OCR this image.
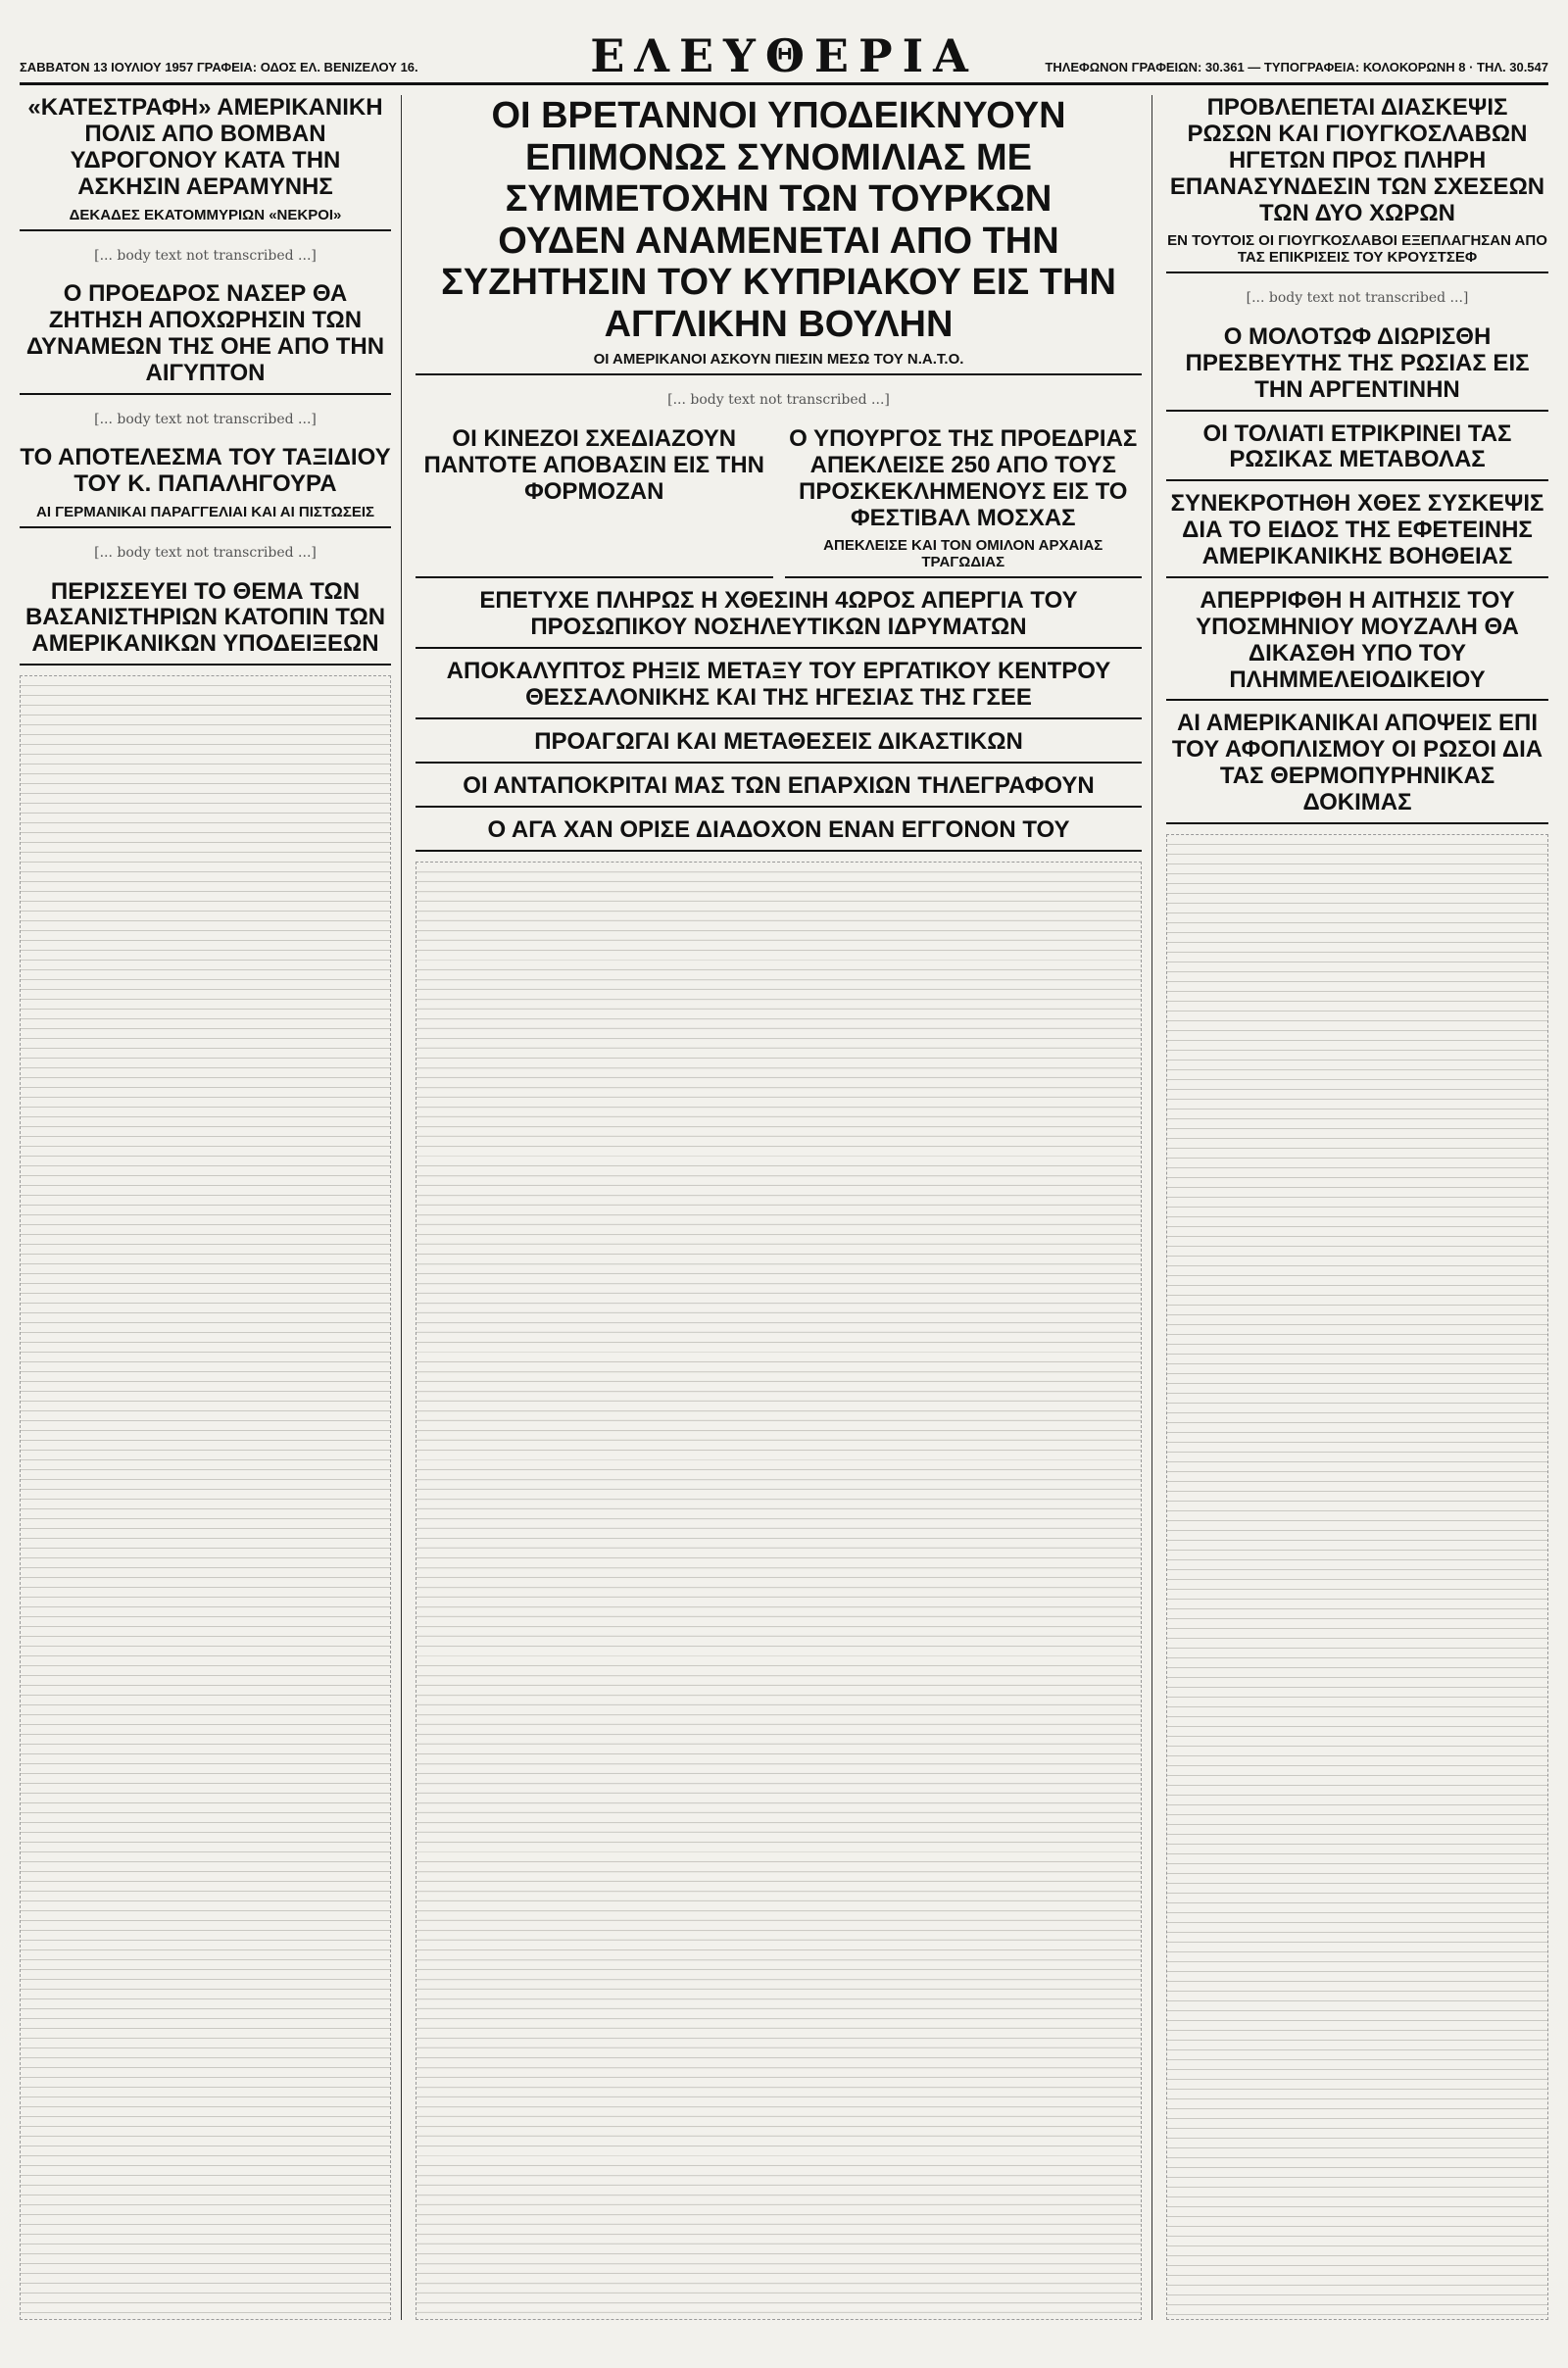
ΣΑΒΒΑΤΟΝ 13 ΙΟΥΛΙΟΥ 1957 ΓΡΑΦΕΙΑ: ΟΔΟΣ ΕΛ. ΒΕΝΙΖΕΛΟΥ 16.	ΕΛΕΥΘΕΡΙΑ	ΤΗΛΕΦΩΝΟΝ ΓΡΑΦΕΙΩΝ: 30.361 — ΤΥΠΟΓΡΑΦΕΙΑ: ΚΟΛΟΚΟΡΩΝΗ 8 · ΤΗΛ. 30.547
«ΚΑΤΕΣΤΡΑΦΗ» ΑΜΕΡΙΚΑΝΙΚΗ ΠΟΛΙΣ ΑΠΟ ΒΟΜΒΑΝ ΥΔΡΟΓΟΝΟΥ ΚΑΤΑ ΤΗΝ ΑΣΚΗΣΙΝ ΑΕΡΑΜΥΝΗΣ
ΔΕΚΑΔΕΣ ΕΚΑΤΟΜΜΥΡΙΩΝ «ΝΕΚΡΟΙ»
[... body text not transcribed ...]
Ο ΠΡΟΕΔΡΟΣ ΝΑΣΕΡ ΘΑ ΖΗΤΗΣΗ ΑΠΟΧΩΡΗΣΙΝ ΤΩΝ ΔΥΝΑΜΕΩΝ ΤΗΣ ΟΗΕ ΑΠΟ ΤΗΝ ΑΙΓΥΠΤΟΝ
[... body text not transcribed ...]
ΤΟ ΑΠΟΤΕΛΕΣΜΑ ΤΟΥ ΤΑΞΙΔΙΟΥ ΤΟΥ Κ. ΠΑΠΑΛΗΓΟΥΡΑ
ΑΙ ΓΕΡΜΑΝΙΚΑΙ ΠΑΡΑΓΓΕΛΙΑΙ ΚΑΙ ΑΙ ΠΙΣΤΩΣΕΙΣ
[... body text not transcribed ...]
ΠΕΡΙΣΣΕΥΕΙ ΤΟ ΘΕΜΑ ΤΩΝ ΒΑΣΑΝΙΣΤΗΡΙΩΝ ΚΑΤΟΠΙΝ ΤΩΝ ΑΜΕΡΙΚΑΝΙΚΩΝ ΥΠΟΔΕΙΞΕΩΝ
ΟΙ ΒΡΕΤΑΝΝΟΙ ΥΠΟΔΕΙΚΝΥΟΥΝ ΕΠΙΜΟΝΩΣ ΣΥΝΟΜΙΛΙΑΣ ΜΕ ΣΥΜΜΕΤΟΧΗΝ ΤΩΝ ΤΟΥΡΚΩΝ
ΟΥΔΕΝ ΑΝΑΜΕΝΕΤΑΙ ΑΠΟ ΤΗΝ ΣΥΖΗΤΗΣΙΝ ΤΟΥ ΚΥΠΡΙΑΚΟΥ ΕΙΣ ΤΗΝ ΑΓΓΛΙΚΗΝ ΒΟΥΛΗΝ
ΟΙ ΑΜΕΡΙΚΑΝΟΙ ΑΣΚΟΥΝ ΠΙΕΣΙΝ ΜΕΣΩ ΤΟΥ Ν.Α.Τ.Ο.
[... body text not transcribed ...]
ΟΙ ΚΙΝΕΖΟΙ ΣΧΕΔΙΑΖΟΥΝ ΠΑΝΤΟΤΕ ΑΠΟΒΑΣΙΝ ΕΙΣ ΤΗΝ ΦΟΡΜΟΖΑΝ
Ο ΥΠΟΥΡΓΟΣ ΤΗΣ ΠΡΟΕΔΡΙΑΣ ΑΠΕΚΛΕΙΣΕ 250 ΑΠΟ ΤΟΥΣ ΠΡΟΣΚΕΚΛΗΜΕΝΟΥΣ ΕΙΣ ΤΟ ΦΕΣΤΙΒΑΛ ΜΟΣΧΑΣ
ΑΠΕΚΛΕΙΣΕ ΚΑΙ ΤΟΝ ΟΜΙΛΟΝ ΑΡΧΑΙΑΣ ΤΡΑΓΩΔΙΑΣ
ΕΠΕΤΥΧΕ ΠΛΗΡΩΣ Η ΧΘΕΣΙΝΗ 4ΩΡΟΣ ΑΠΕΡΓΙΑ ΤΟΥ ΠΡΟΣΩΠΙΚΟΥ ΝΟΣΗΛΕΥΤΙΚΩΝ ΙΔΡΥΜΑΤΩΝ
ΑΠΟΚΑΛΥΠΤΟΣ ΡΗΞΙΣ ΜΕΤΑΞΥ ΤΟΥ ΕΡΓΑΤΙΚΟΥ ΚΕΝΤΡΟΥ ΘΕΣΣΑΛΟΝΙΚΗΣ ΚΑΙ ΤΗΣ ΗΓΕΣΙΑΣ ΤΗΣ ΓΣΕΕ
ΠΡΟΑΓΩΓΑΙ ΚΑΙ ΜΕΤΑΘΕΣΕΙΣ ΔΙΚΑΣΤΙΚΩΝ
ΟΙ ΑΝΤΑΠΟΚΡΙΤΑΙ ΜΑΣ ΤΩΝ ΕΠΑΡΧΙΩΝ ΤΗΛΕΓΡΑΦΟΥΝ
Ο ΑΓΑ ΧΑΝ ΟΡΙΣΕ ΔΙΑΔΟΧΟΝ ΕΝΑΝ ΕΓΓΟΝΟΝ ΤΟΥ
ΠΡΟΒΛΕΠΕΤΑΙ ΔΙΑΣΚΕΨΙΣ ΡΩΣΩΝ ΚΑΙ ΓΙΟΥΓΚΟΣΛΑΒΩΝ ΗΓΕΤΩΝ ΠΡΟΣ ΠΛΗΡΗ ΕΠΑΝΑΣΥΝΔΕΣΙΝ ΤΩΝ ΣΧΕΣΕΩΝ ΤΩΝ ΔΥΟ ΧΩΡΩΝ
ΕΝ ΤΟΥΤΟΙΣ ΟΙ ΓΙΟΥΓΚΟΣΛΑΒΟΙ ΕΞΕΠΛΑΓΗΣΑΝ ΑΠΟ ΤΑΣ ΕΠΙΚΡΙΣΕΙΣ ΤΟΥ ΚΡΟΥΣΤΣΕΦ
[... body text not transcribed ...]
Ο ΜΟΛΟΤΩΦ ΔΙΩΡΙΣΘΗ ΠΡΕΣΒΕΥΤΗΣ ΤΗΣ ΡΩΣΙΑΣ ΕΙΣ ΤΗΝ ΑΡΓΕΝΤΙΝΗΝ
ΟΙ ΤΟΛΙΑΤΙ ΕΤΡΙΚΡΙΝΕΙ ΤΑΣ ΡΩΣΙΚΑΣ ΜΕΤΑΒΟΛΑΣ
ΣΥΝΕΚΡΟΤΗΘΗ ΧΘΕΣ ΣΥΣΚΕΨΙΣ ΔΙΑ ΤΟ ΕΙΔΟΣ ΤΗΣ ΕΦΕΤΕΙΝΗΣ ΑΜΕΡΙΚΑΝΙΚΗΣ ΒΟΗΘΕΙΑΣ
ΑΠΕΡΡΙΦΘΗ Η ΑΙΤΗΣΙΣ ΤΟΥ ΥΠΟΣΜΗΝΙΟΥ ΜΟΥΖΑΛΗ ΘΑ ΔΙΚΑΣΘΗ ΥΠΟ ΤΟΥ ΠΛΗΜΜΕΛΕΙΟΔΙΚΕΙΟΥ
ΑΙ ΑΜΕΡΙΚΑΝΙΚΑΙ ΑΠΟΨΕΙΣ ΕΠΙ ΤΟΥ ΑΦΟΠΛΙΣΜΟΥ ΟΙ ΡΩΣΟΙ ΔΙΑ ΤΑΣ ΘΕΡΜΟΠΥΡΗΝΙΚΑΣ ΔΟΚΙΜΑΣ
